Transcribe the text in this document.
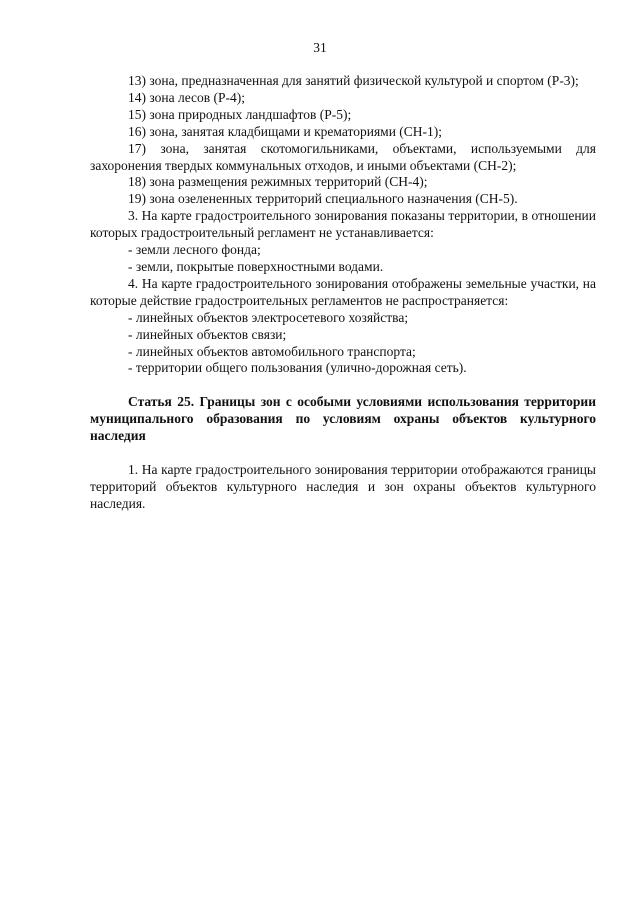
31

13) зона, предназначенная для занятий физической культурой и спортом (Р-3);

14) зона лесов (Р-4);

15) зона природных ландшафтов (Р-5);

16) зона, занятая кладбищами и крематориями (СН-1);

17) зона, занятая скотомогильниками, объектами, используемыми для захоронения твердых коммунальных отходов, и иными объектами (СН-2);

18) зона размещения режимных территорий (СН-4);

19) зона озелененных территорий специального назначения (СН-5).

3. На карте градостроительного зонирования показаны территории, в отношении которых градостроительный регламент не устанавливается:

- земли лесного фонда;

- земли, покрытые поверхностными водами.

4. На карте градостроительного зонирования отображены земельные участки, на которые действие градостроительных регламентов не распространяется:

- линейных объектов электросетевого хозяйства;

- линейных объектов связи;

- линейных объектов автомобильного транспорта;

- территории общего пользования (улично-дорожная сеть).

Статья 25. Границы зон с особыми условиями использования территории муниципального образования по условиям охраны объектов культурного наследия

1. На карте градостроительного зонирования территории отображаются границы территорий объектов культурного наследия и зон охраны объектов культурного наследия.
